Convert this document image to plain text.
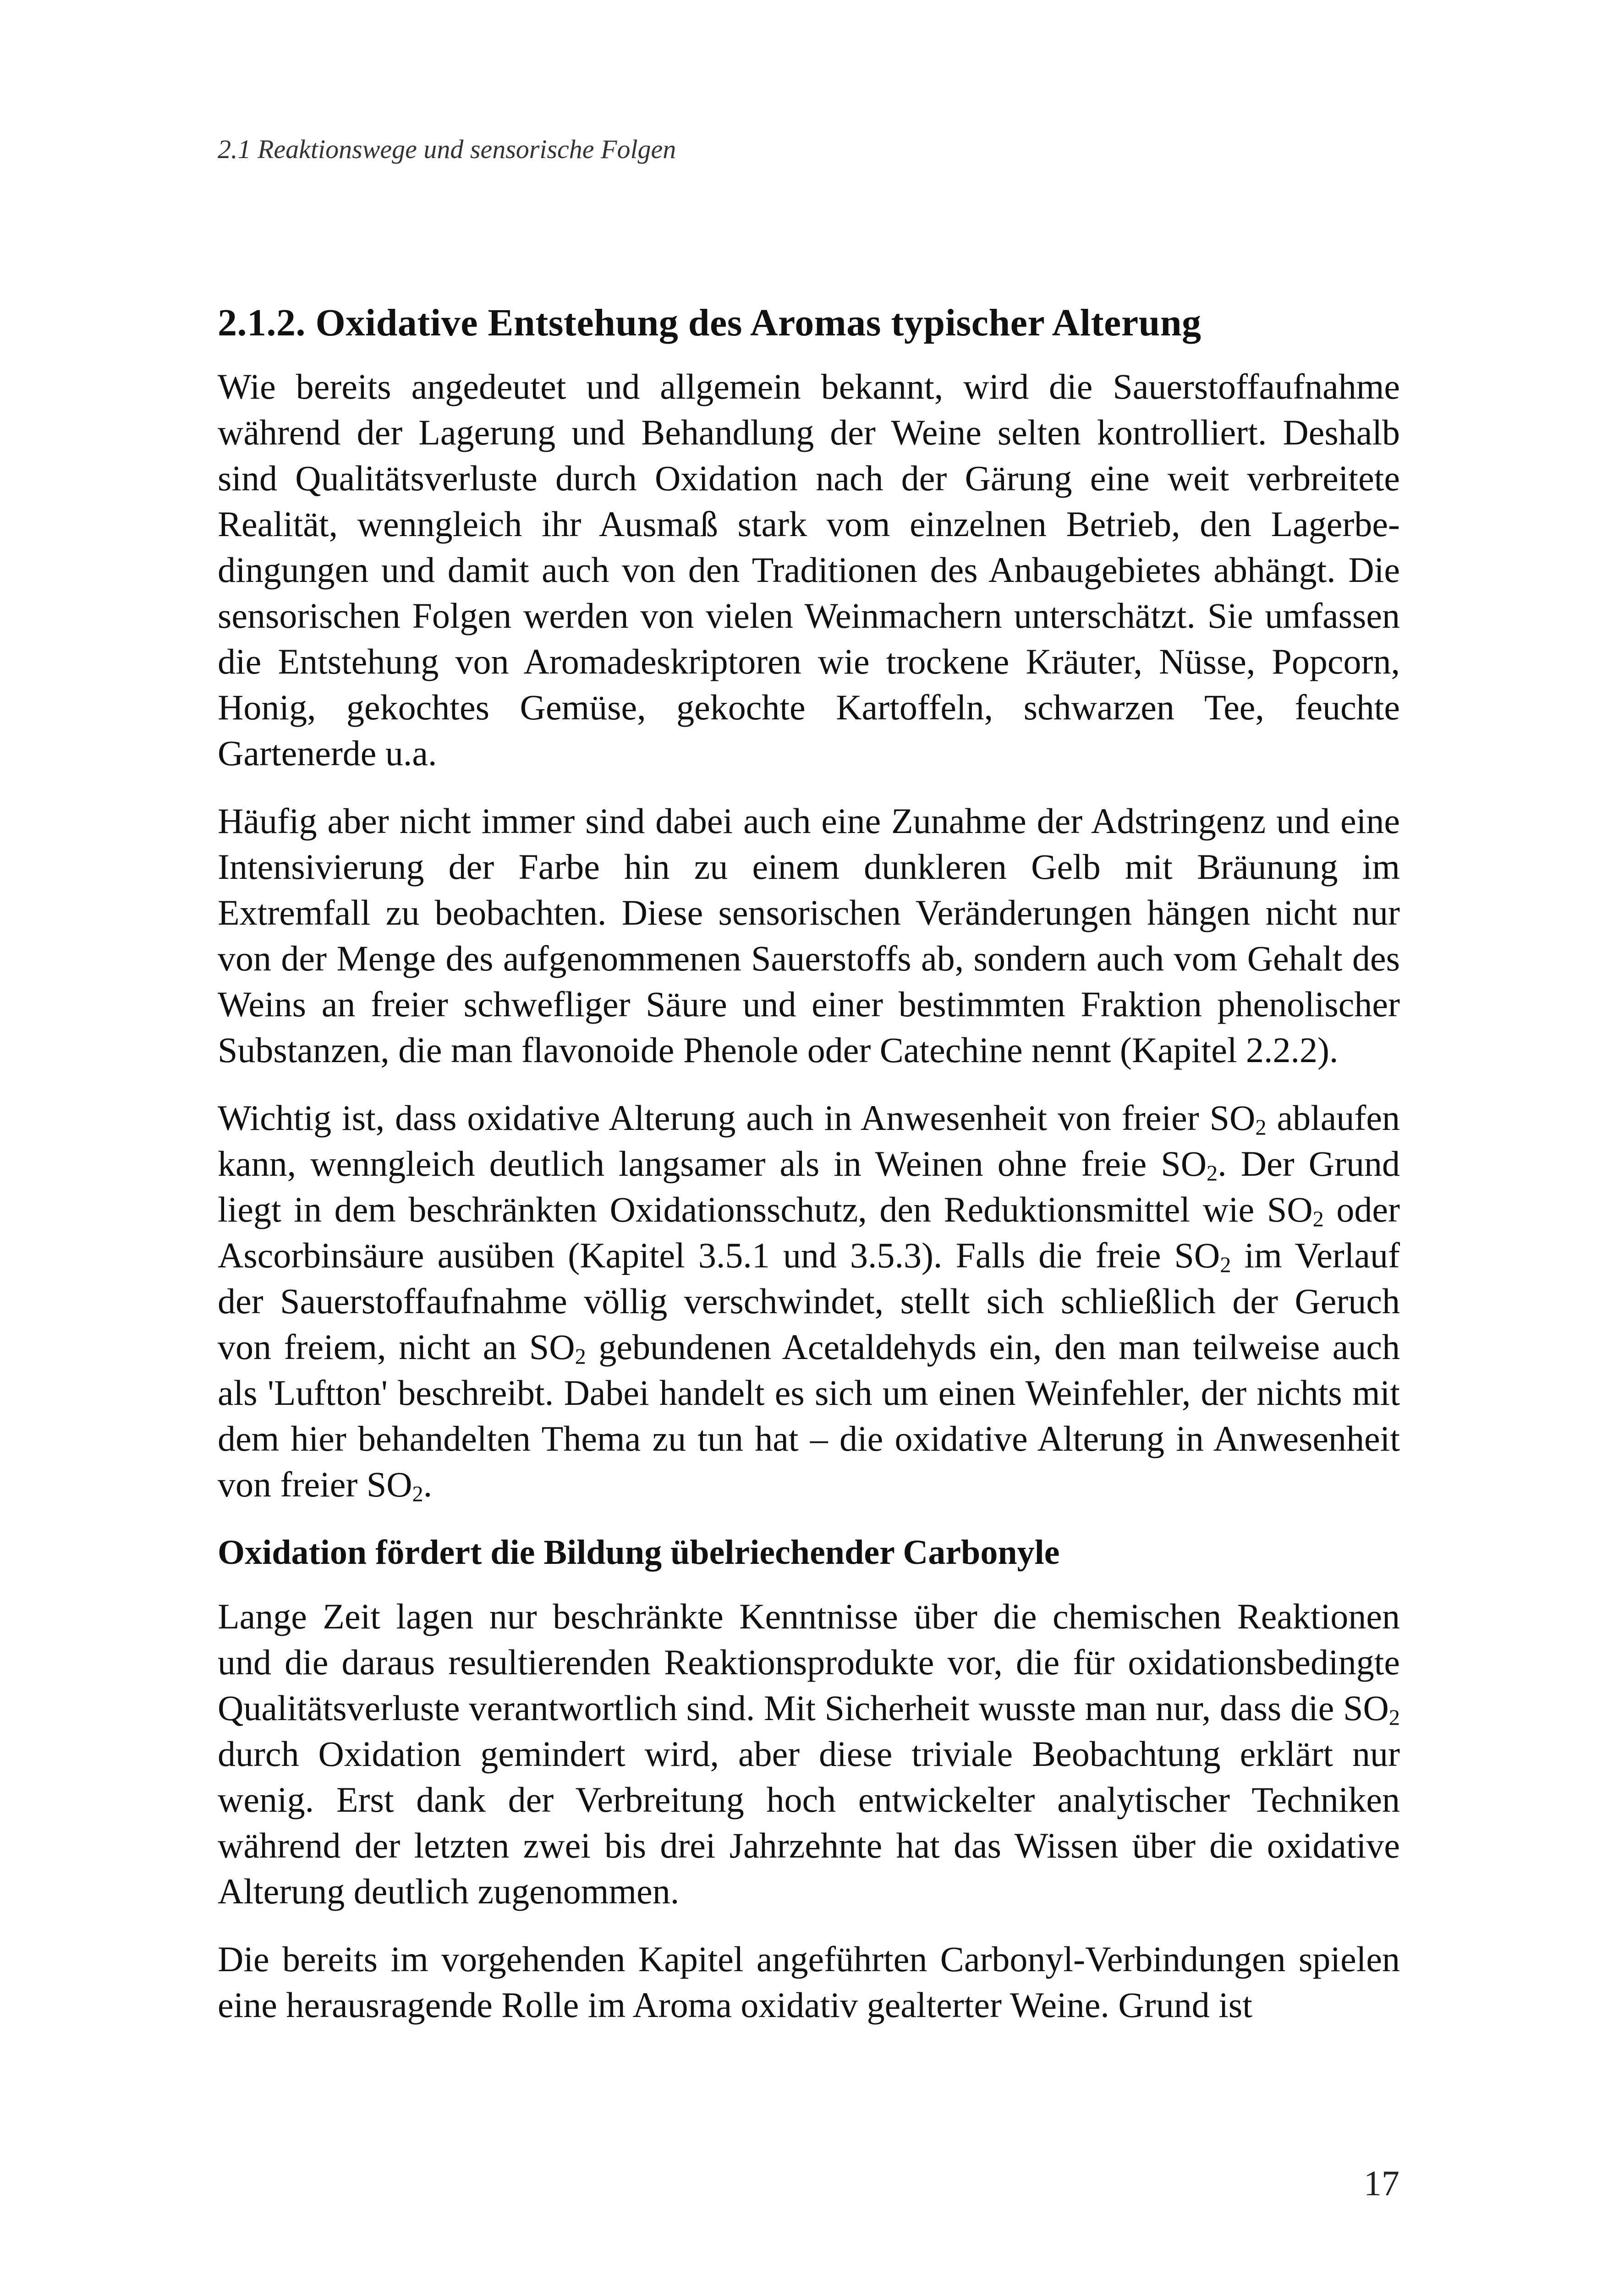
2.1 Reaktionswege und sensorische Folgen
2.1.2. Oxidative Entstehung des Aromas typischer Alterung

Wie bereits angedeutet und allgemein bekannt, wird die Sauerstoffaufnahme während der Lagerung und Behandlung der Weine selten kontrolliert. Deshalb sind Qualitätsverluste durch Oxidation nach der Gärung eine weit verbreitete Realität, wenngleich ihr Ausmaß stark vom einzelnen Betrieb, den Lagerbedingungen und damit auch von den Traditionen des Anbaugebietes abhängt. Die sensorischen Folgen werden von vielen Weinmachern unterschätzt. Sie umfassen die Entstehung von Aromadeskriptoren wie trockene Kräuter, Nüsse, Popcorn, Honig, gekochtes Gemüse, gekochte Kartoffeln, schwarzen Tee, feuchte Gartenerde u.a.

Häufig aber nicht immer sind dabei auch eine Zunahme der Adstringenz und eine Intensivierung der Farbe hin zu einem dunkleren Gelb mit Bräunung im Extremfall zu beobachten. Diese sensorischen Veränderungen hängen nicht nur von der Menge des aufgenommenen Sauerstoffs ab, sondern auch vom Gehalt des Weins an freier schwefliger Säure und einer bestimmten Fraktion phenolischer Substanzen, die man flavonoide Phenole oder Catechine nennt (Kapitel 2.2.2).

Wichtig ist, dass oxidative Alterung auch in Anwesenheit von freier $SO_2$ ablaufen kann, wenngleich deutlich langsamer als in Weinen ohne freie $SO_2$. Der Grund liegt in dem beschränkten Oxidationsschutz, den Reduktionsmittel wie $SO_2$ oder Ascorbinsäure ausüben (Kapitel 3.5.1 und 3.5.3). Falls die freie $SO_2$ im Verlauf der Sauerstoffaufnahme völlig verschwindet, stellt sich schließlich der Geruch von freiem, nicht an $SO_2$ gebundenen Acetaldehyds ein, den man teilweise auch als 'Luftton' beschreibt. Dabei handelt es sich um einen Weinfehler, der nichts mit dem hier behandelten Thema zu tun hat – die oxidative Alterung in Anwesenheit von freier $SO_2$.

Oxidation fördert die Bildung übelriechender Carbonyle

Lange Zeit lagen nur beschränkte Kenntnisse über die chemischen Reaktionen und die daraus resultierenden Reaktionsprodukte vor, die für oxidationsbedingte Qualitätsverluste verantwortlich sind. Mit Sicherheit wusste man nur, dass die $SO_2$ durch Oxidation gemindert wird, aber diese triviale Beobachtung erklärt nur wenig. Erst dank der Verbreitung hoch entwickelter analytischer Techniken während der letzten zwei bis drei Jahrzehnte hat das Wissen über die oxidative Alterung deutlich zugenommen.

Die bereits im vorgehenden Kapitel angeführten Carbonyl-Verbindungen spielen eine herausragende Rolle im Aroma oxidativ gealterter Weine. Grund ist

17
